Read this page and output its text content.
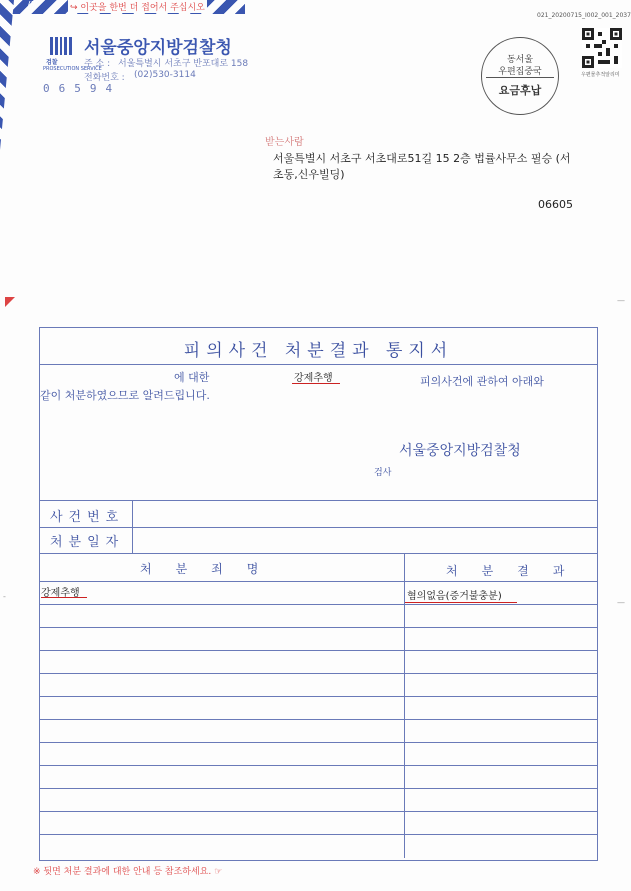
////	↪ 이곳을 한번 더 접어서 주십시오
검찰
PROSECUTION SERVICE
서울중앙지방검찰청
주 소 : 서울특별시 서초구 반포대로 158
전화번호 : (02)530-3114
06594
021_20200715_I002_001_2037
동서울
우편집중국
요금후납
우편물추적알리미
받는사람
서울특별시 서초구 서초대로51길 15 2층 법률사무소 필승 (서초동,신우빌딩)
06605
—
—
-
피의사건 처분결과 통지서
에 대한	강제추행	피의사건에 관하여 아래와
같이 처분하였으므로 알려드립니다.
서울중앙지방검찰청
검사
사건번호
처분일자
처분죄명	처분결과
강제추행	혐의없음(증거불충분)
※ 뒷면 처분 결과에 대한 안내 등 참조하세요. ☞
